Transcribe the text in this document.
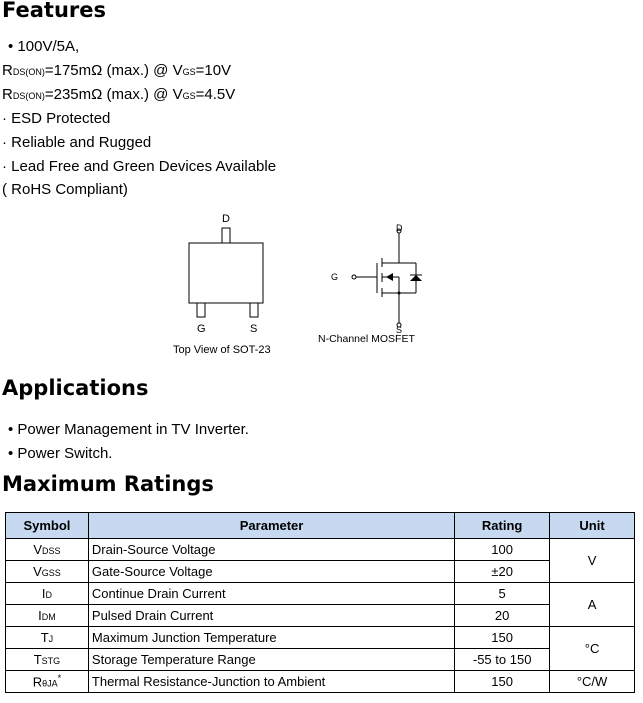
Features
• 100V/5A,
RDS(ON)=175mΩ (max.) @ VGS=10V
RDS(ON)=235mΩ (max.) @ VGS=4.5V
· ESD Protected
· Reliable and Rugged
· Lead Free and Green Devices Available
( RoHS Compliant)
D
G	S
Top View of SOT-23
D
G
S
N-Channel MOSFET
Applications
• Power Management in TV Inverter.
• Power Switch.
Maximum Ratings
Symbol	Parameter	Rating	Unit
VDSS	Drain-Source Voltage	100	V
VGSS	Gate-Source Voltage	±20	
ID	Continue Drain Current	5	A
IDM	Pulsed Drain Current	20	
TJ	Maximum Junction Temperature	150	°C
TSTG	Storage Temperature Range	-55 to 150	
RθJA*	Thermal Resistance-Junction to Ambient	150	°C/W
